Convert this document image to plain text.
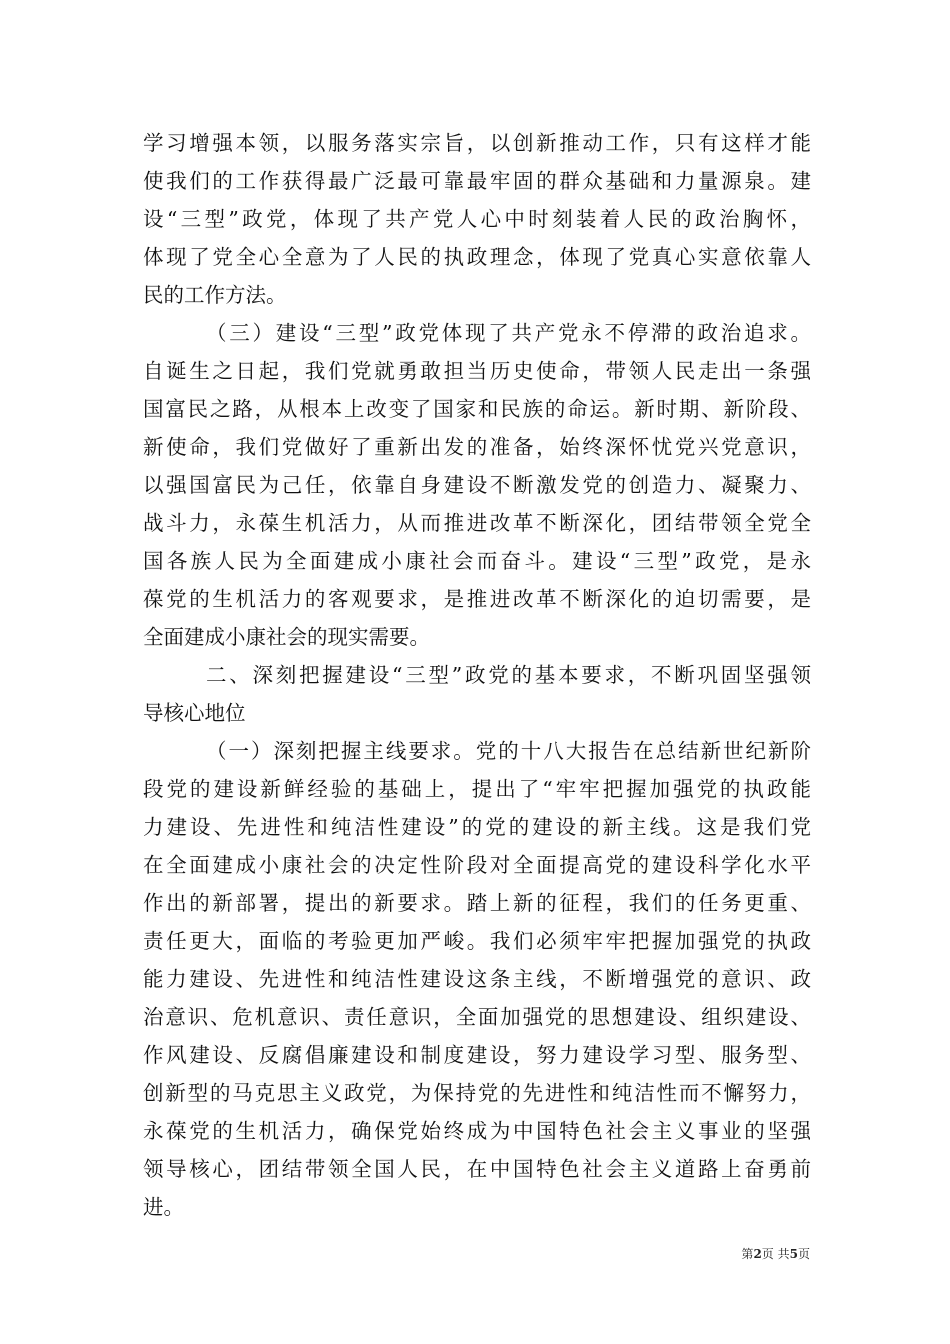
学习增强本领，以服务落实宗旨，以创新推动工作，只有这样才能
使我们的工作获得最广泛最可靠最牢固的群众基础和力量源泉。建
设“三型”政党，体现了共产党人心中时刻装着人民的政治胸怀，
体现了党全心全意为了人民的执政理念，体现了党真心实意依靠人
民的工作方法。
（三）建设“三型”政党体现了共产党永不停滞的政治追求。
自诞生之日起，我们党就勇敢担当历史使命，带领人民走出一条强
国富民之路，从根本上改变了国家和民族的命运。新时期、新阶段、
新使命，我们党做好了重新出发的准备，始终深怀忧党兴党意识，
以强国富民为己任，依靠自身建设不断激发党的创造力、凝聚力、
战斗力，永葆生机活力，从而推进改革不断深化，团结带领全党全
国各族人民为全面建成小康社会而奋斗。建设“三型”政党，是永
葆党的生机活力的客观要求，是推进改革不断深化的迫切需要，是
全面建成小康社会的现实需要。
二、深刻把握建设“三型”政党的基本要求，不断巩固坚强领
导核心地位
（一）深刻把握主线要求。党的十八大报告在总结新世纪新阶
段党的建设新鲜经验的基础上，提出了“牢牢把握加强党的执政能
力建设、先进性和纯洁性建设”的党的建设的新主线。这是我们党
在全面建成小康社会的决定性阶段对全面提高党的建设科学化水平
作出的新部署，提出的新要求。踏上新的征程，我们的任务更重、
责任更大，面临的考验更加严峻。我们必须牢牢把握加强党的执政
能力建设、先进性和纯洁性建设这条主线，不断增强党的意识、政
治意识、危机意识、责任意识，全面加强党的思想建设、组织建设、
作风建设、反腐倡廉建设和制度建设，努力建设学习型、服务型、
创新型的马克思主义政党，为保持党的先进性和纯洁性而不懈努力，
永葆党的生机活力，确保党始终成为中国特色社会主义事业的坚强
领导核心，团结带领全国人民，在中国特色社会主义道路上奋勇前
进。
第2页 共5页
